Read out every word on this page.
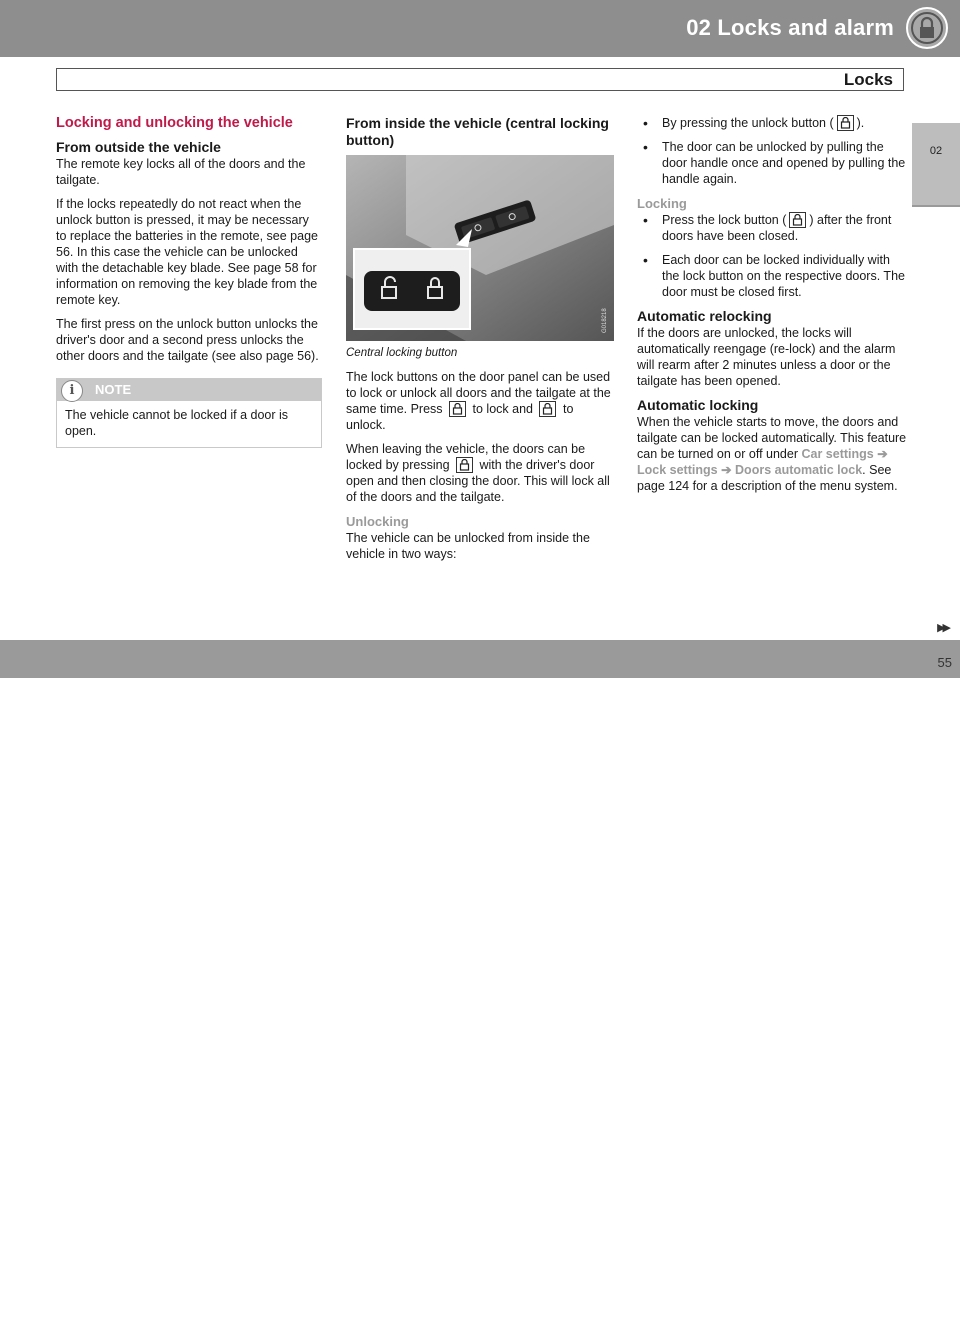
02 Locks and alarm
Locks
02
Locking and unlocking the vehicle
From outside the vehicle

The remote key locks all of the doors and the tailgate.

If the locks repeatedly do not react when the unlock button is pressed, it may be necessary to replace the batteries in the remote, see page 56. In this case the vehicle can be unlocked with the detachable key blade. See page 58 for information on removing the key blade from the remote key.

The first press on the unlock button unlocks the driver's door and a second press unlocks the other doors and the tailgate (see also page 56).

i	NOTE
The vehicle cannot be locked if a door is open.
From inside the vehicle (central locking button)
G018218

Central locking button

The lock buttons on the door panel can be used to lock or unlock all doors and the tailgate at the same time. Press to lock and to unlock.

When leaving the vehicle, the doors can be locked by pressing with the driver's door open and then closing the door. This will lock all of the doors and the tailgate.

Unlocking

The vehicle can be unlocked from inside the vehicle in two ways:

• By pressing the unlock button ( ).
• The door can be unlocked by pulling the door handle once and opened by pulling the handle again.
Locking
• Press the lock button ( ) after the front doors have been closed.
• Each door can be locked individually with the lock button on the respective doors. The door must be closed first.
Automatic relocking

If the doors are unlocked, the locks will automatically reengage (re-lock) and the alarm will rearm after 2 minutes unless a door or the tailgate has been opened.

Automatic locking

When the vehicle starts to move, the doors and tailgate can be locked automatically. This feature can be turned on or off under Car settings ➔ Lock settings ➔ Doors automatic lock. See page 124 for a description of the menu system.

▶▶
carmanualsonline.info
55
